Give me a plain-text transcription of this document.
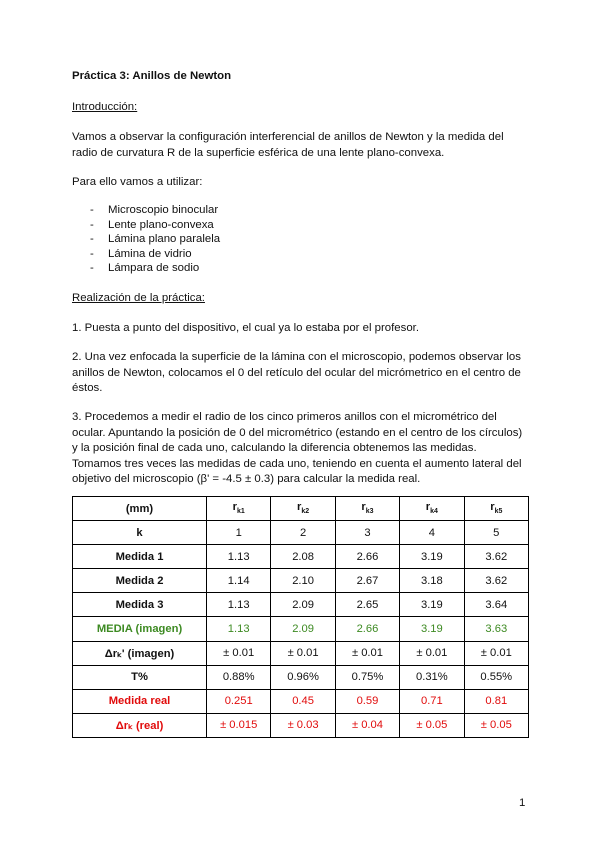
Práctica 3: Anillos de Newton
Introducción:
Vamos a observar la configuración interferencial de anillos de Newton y la medida del radio de curvatura R de la superficie esférica de una lente plano-convexa.
Para ello vamos a utilizar:
- Microscopio binocular
- Lente plano-convexa
- Lámina plano paralela
- Lámina de vidrio
- Lámpara de sodio
Realización de la práctica:
1. Puesta a punto del dispositivo, el cual ya lo estaba por el profesor.
2. Una vez enfocada la superficie de la lámina con el microscopio, podemos observar los anillos de Newton, colocamos el 0 del retículo del ocular del micrómetrico en el centro de éstos.
3. Procedemos a medir el radio de los cinco primeros anillos con el micrométrico del ocular. Apuntando la posición de 0 del micrométrico (estando en el centro de los círculos) y la posición final de cada uno, calculando la diferencia obtenemos las medidas. Tomamos tres veces las medidas de cada uno, teniendo en cuenta el aumento lateral del objetivo del microscopio (β' = -4.5 ± 0.3) para calcular la medida real.
(mm)	$r_{k1}$	$r_{k2}$	$r_{k3}$	$r_{k4}$	$r_{k5}$
k	1	2	3	4	5
Medida 1	1.13	2.08	2.66	3.19	3.62
Medida 2	1.14	2.10	2.67	3.18	3.62
Medida 3	1.13	2.09	2.65	3.19	3.64
MEDIA (imagen)	1.13	2.09	2.66	3.19	3.63
Δrₖ' (imagen)	± 0.01	± 0.01	± 0.01	± 0.01	± 0.01
T%	0.88%	0.96%	0.75%	0.31%	0.55%
Medida real	0.251	0.45	0.59	0.71	0.81
Δrₖ (real)	± 0.015	± 0.03	± 0.04	± 0.05	± 0.05
1
